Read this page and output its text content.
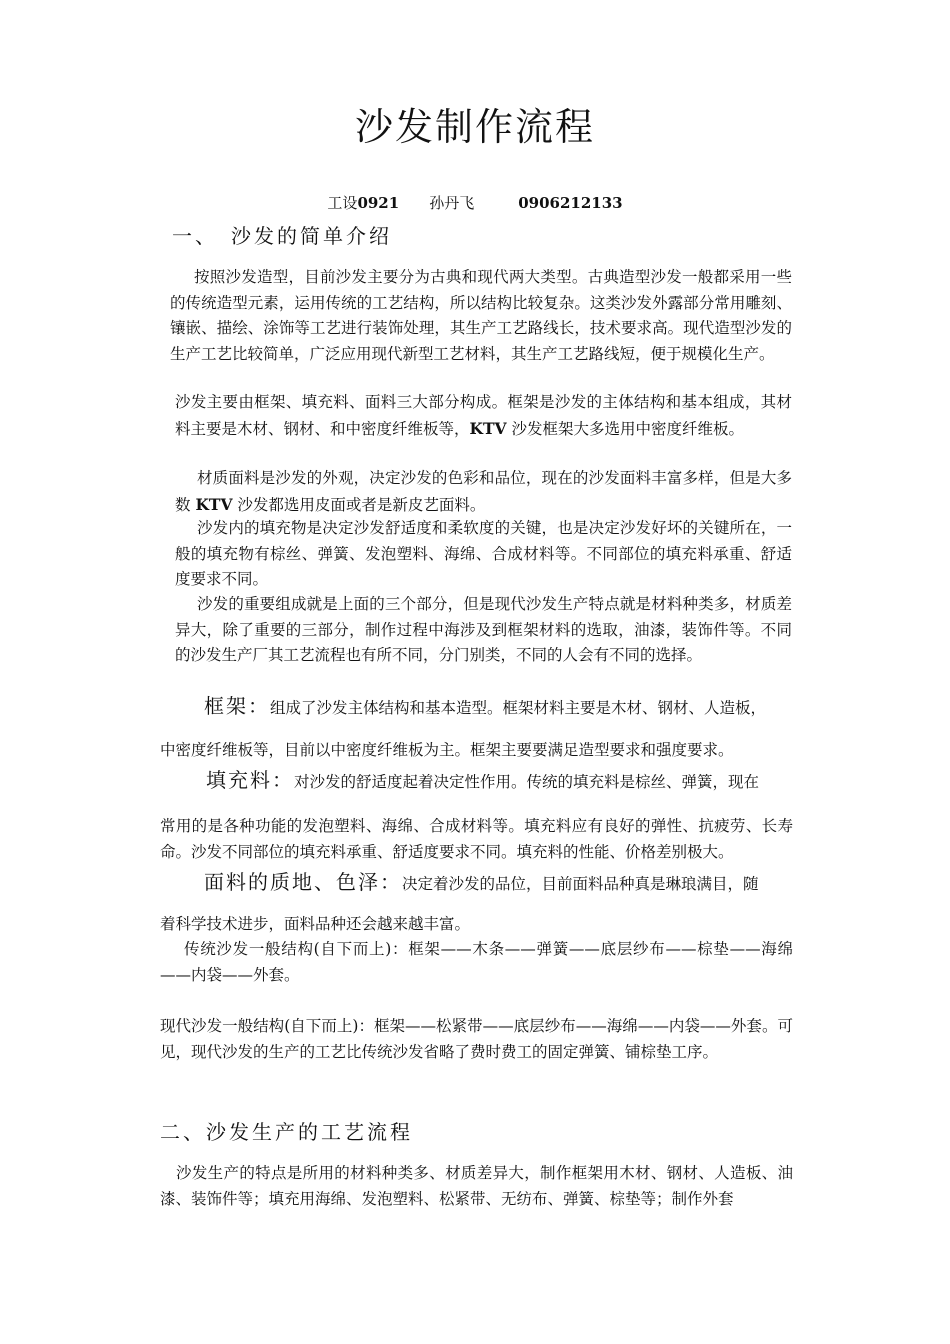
沙发制作流程
工设0921 孙丹飞	0906212133
一、　沙发的简单介绍

按照沙发造型，目前沙发主要分为古典和现代两大类型。古典造型沙发一般都采用一些的传统造型元素，运用传统的工艺结构，所以结构比较复杂。这类沙发外露部分常用雕刻、镶嵌、描绘、涂饰等工艺进行装饰处理，其生产工艺路线长，技术要求高。现代造型沙发的生产工艺比较简单，广泛应用现代新型工艺材料，其生产工艺路线短，便于规模化生产。

沙发主要由框架、填充料、面料三大部分构成。框架是沙发的主体结构和基本组成，其材料主要是木材、钢材、和中密度纤维板等，KTV 沙发框架大多选用中密度纤维板。

材质面料是沙发的外观，决定沙发的色彩和品位，现在的沙发面料丰富多样，但是大多数 KTV 沙发都选用皮面或者是新皮艺面料。

沙发内的填充物是决定沙发舒适度和柔软度的关键，也是决定沙发好坏的关键所在，一般的填充物有棕丝、弹簧、发泡塑料、海绵、合成材料等。不同部位的填充料承重、舒适度要求不同。

沙发的重要组成就是上面的三个部分，但是现代沙发生产特点就是材料种类多，材质差异大，除了重要的三部分，制作过程中海涉及到框架材料的选取，油漆，装饰件等。不同的沙发生产厂其工艺流程也有所不同，分门别类，不同的人会有不同的选择。

框架：组成了沙发主体结构和基本造型。框架材料主要是木材、钢材、人造板，

中密度纤维板等，目前以中密度纤维板为主。框架主要要满足造型要求和强度要求。

填充料：对沙发的舒适度起着决定性作用。传统的填充料是棕丝、弹簧，现在

常用的是各种功能的发泡塑料、海绵、合成材料等。填充料应有良好的弹性、抗疲劳、长寿命。沙发不同部位的填充料承重、舒适度要求不同。填充料的性能、价格差别极大。

面料的质地、色泽：决定着沙发的品位，目前面料品种真是琳琅满目，随

着科学技术进步，面料品种还会越来越丰富。

传统沙发一般结构(自下而上)：框架——木条——弹簧——底层纱布——棕垫——海绵——内袋——外套。

现代沙发一般结构(自下而上)：框架——松紧带——底层纱布——海绵——内袋——外套。可见，现代沙发的生产的工艺比传统沙发省略了费时费工的固定弹簧、铺棕垫工序。

二、沙发生产的工艺流程

沙发生产的特点是所用的材料种类多、材质差异大，制作框架用木材、钢材、人造板、油漆、装饰件等；填充用海绵、发泡塑料、松紧带、无纺布、弹簧、棕垫等；制作外套
